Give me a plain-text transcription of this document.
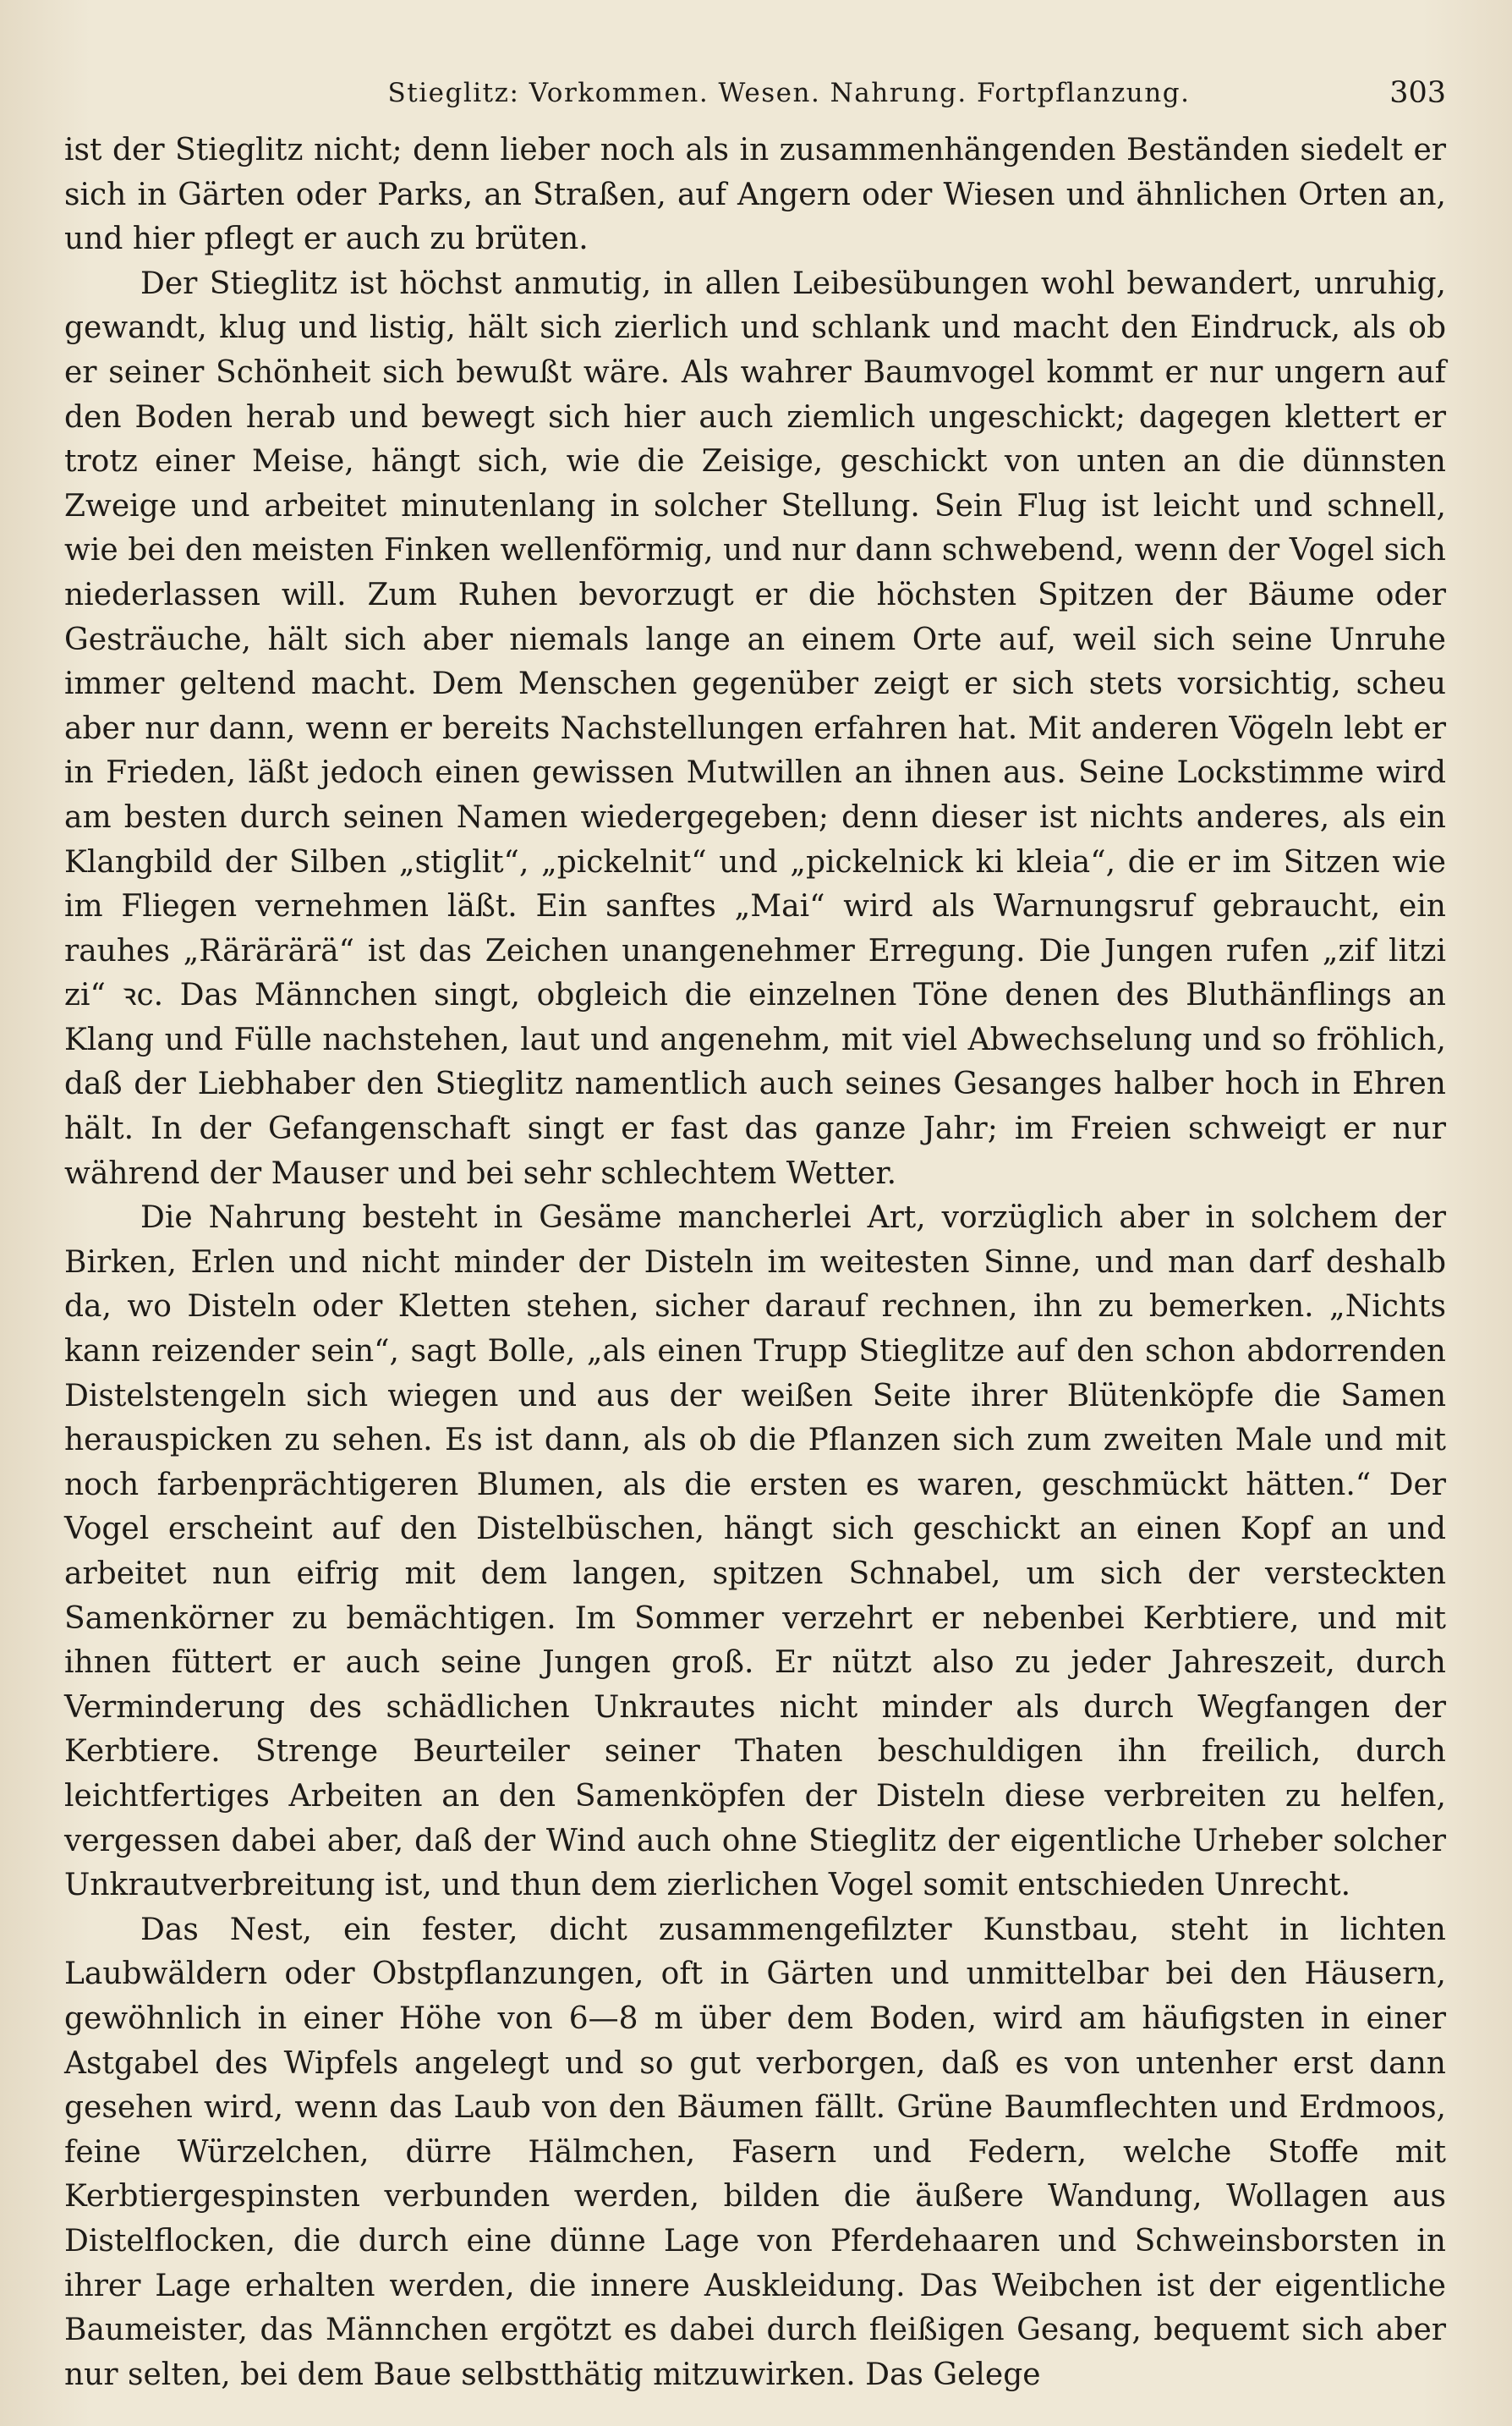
Stieglitz: Vorkommen. Wesen. Nahrung. Fortpflanzung.	303

ist der Stieglitz nicht; denn lieber noch als in zusammenhängenden Beständen siedelt er sich in Gärten oder Parks, an Straßen, auf Angern oder Wiesen und ähnlichen Orten an, und hier pflegt er auch zu brüten.

Der Stieglitz ist höchst anmutig, in allen Leibesübungen wohl bewandert, unruhig, gewandt, klug und listig, hält sich zierlich und schlank und macht den Eindruck, als ob er seiner Schönheit sich bewußt wäre. Als wahrer Baumvogel kommt er nur ungern auf den Boden herab und bewegt sich hier auch ziemlich ungeschickt; dagegen klettert er trotz einer Meise, hängt sich, wie die Zeisige, geschickt von unten an die dünnsten Zweige und arbeitet minutenlang in solcher Stellung. Sein Flug ist leicht und schnell, wie bei den meisten Finken wellenförmig, und nur dann schwebend, wenn der Vogel sich niederlassen will. Zum Ruhen bevorzugt er die höchsten Spitzen der Bäume oder Gesträuche, hält sich aber niemals lange an einem Orte auf, weil sich seine Unruhe immer geltend macht. Dem Menschen gegenüber zeigt er sich stets vorsichtig, scheu aber nur dann, wenn er bereits Nachstellungen erfahren hat. Mit anderen Vögeln lebt er in Frieden, läßt jedoch einen gewissen Mutwillen an ihnen aus. Seine Lockstimme wird am besten durch seinen Namen wiedergegeben; denn dieser ist nichts anderes, als ein Klangbild der Silben „stiglit“, „pickelnit“ und „pickelnick ki kleia“, die er im Sitzen wie im Fliegen vernehmen läßt. Ein sanftes „Mai“ wird als Warnungsruf gebraucht, ein rauhes „Rärärärä“ ist das Zeichen unangenehmer Erregung. Die Jungen rufen „zif litzi zi“ ꝛc. Das Männchen singt, obgleich die einzelnen Töne denen des Bluthänflings an Klang und Fülle nachstehen, laut und angenehm, mit viel Abwechselung und so fröhlich, daß der Liebhaber den Stieglitz namentlich auch seines Gesanges halber hoch in Ehren hält. In der Gefangenschaft singt er fast das ganze Jahr; im Freien schweigt er nur während der Mauser und bei sehr schlechtem Wetter.

Die Nahrung besteht in Gesäme mancherlei Art, vorzüglich aber in solchem der Birken, Erlen und nicht minder der Disteln im weitesten Sinne, und man darf deshalb da, wo Disteln oder Kletten stehen, sicher darauf rechnen, ihn zu bemerken. „Nichts kann reizender sein“, sagt Bolle, „als einen Trupp Stieglitze auf den schon abdorrenden Distelstengeln sich wiegen und aus der weißen Seite ihrer Blütenköpfe die Samen herauspicken zu sehen. Es ist dann, als ob die Pflanzen sich zum zweiten Male und mit noch farbenprächtigeren Blumen, als die ersten es waren, geschmückt hätten.“ Der Vogel erscheint auf den Distelbüschen, hängt sich geschickt an einen Kopf an und arbeitet nun eifrig mit dem langen, spitzen Schnabel, um sich der versteckten Samenkörner zu bemächtigen. Im Sommer verzehrt er nebenbei Kerbtiere, und mit ihnen füttert er auch seine Jungen groß. Er nützt also zu jeder Jahreszeit, durch Verminderung des schädlichen Unkrautes nicht minder als durch Wegfangen der Kerbtiere. Strenge Beurteiler seiner Thaten beschuldigen ihn freilich, durch leichtfertiges Arbeiten an den Samenköpfen der Disteln diese verbreiten zu helfen, vergessen dabei aber, daß der Wind auch ohne Stieglitz der eigentliche Urheber solcher Unkrautverbreitung ist, und thun dem zierlichen Vogel somit entschieden Unrecht.

Das Nest, ein fester, dicht zusammengefilzter Kunstbau, steht in lichten Laubwäldern oder Obstpflanzungen, oft in Gärten und unmittelbar bei den Häusern, gewöhnlich in einer Höhe von 6—8 m über dem Boden, wird am häufigsten in einer Astgabel des Wipfels angelegt und so gut verborgen, daß es von untenher erst dann gesehen wird, wenn das Laub von den Bäumen fällt. Grüne Baumflechten und Erdmoos, feine Würzelchen, dürre Hälmchen, Fasern und Federn, welche Stoffe mit Kerbtiergespinsten verbunden werden, bilden die äußere Wandung, Wollagen aus Distelflocken, die durch eine dünne Lage von Pferdehaaren und Schweinsborsten in ihrer Lage erhalten werden, die innere Auskleidung. Das Weibchen ist der eigentliche Baumeister, das Männchen ergötzt es dabei durch fleißigen Gesang, bequemt sich aber nur selten, bei dem Baue selbstthätig mitzuwirken. Das Gelege
